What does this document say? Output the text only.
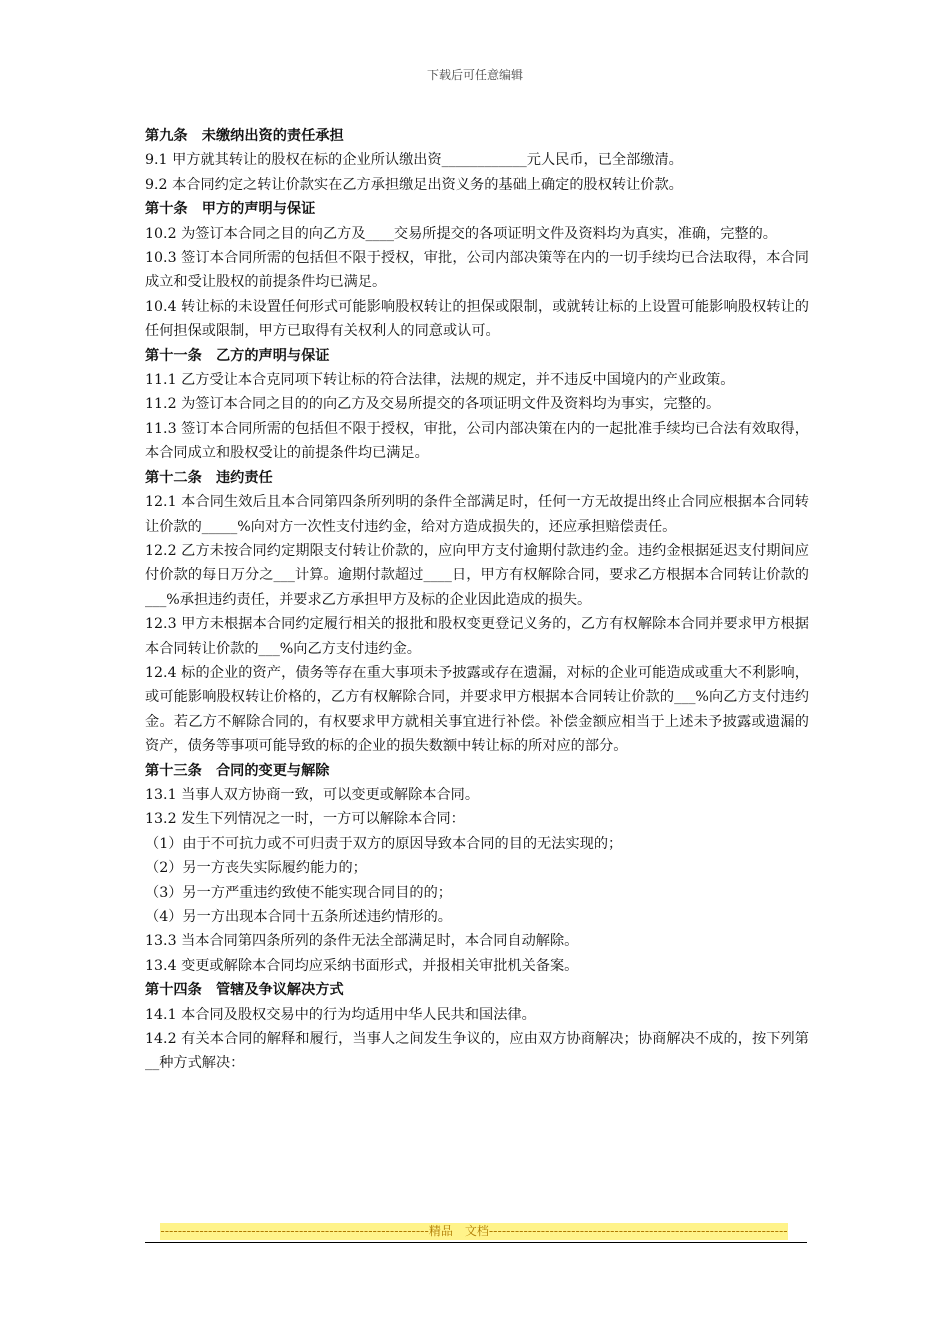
下载后可任意编辑
第九条　未缴纳出资的责任承担
9.1 甲方就其转让的股权在标的企业所认缴出资____________元人民币，已全部缴清。
9.2 本合同约定之转让价款实在乙方承担缴足出资义务的基础上确定的股权转让价款。
第十条　甲方的声明与保证
10.2 为签订本合同之目的向乙方及____交易所提交的各项证明文件及资料均为真实，准确，完整的。
10.3 签订本合同所需的包括但不限于授权，审批，公司内部决策等在内的一切手续均已合法取得，本合同成立和受让股权的前提条件均已满足。
10.4 转让标的未设置任何形式可能影响股权转让的担保或限制，或就转让标的上设置可能影响股权转让的任何担保或限制，甲方已取得有关权利人的同意或认可。
第十一条　乙方的声明与保证
11.1 乙方受让本合克同项下转让标的符合法律，法规的规定，并不违反中国境内的产业政策。
11.2 为签订本合同之目的的向乙方及交易所提交的各项证明文件及资料均为事实，完整的。
11.3 签订本合同所需的包括但不限于授权，审批，公司内部决策在内的一起批准手续均已合法有效取得，本合同成立和股权受让的前提条件均已满足。
第十二条　违约责任
12.1 本合同生效后且本合同第四条所列明的条件全部满足时，任何一方无故提出终止合同应根据本合同转让价款的_____%向对方一次性支付违约金，给对方造成损失的，还应承担赔偿责任。
12.2 乙方未按合同约定期限支付转让价款的，应向甲方支付逾期付款违约金。违约金根据延迟支付期间应付价款的每日万分之___计算。逾期付款超过____日，甲方有权解除合同，要求乙方根据本合同转让价款的___%承担违约责任，并要求乙方承担甲方及标的企业因此造成的损失。
12.3 甲方未根据本合同约定履行相关的报批和股权变更登记义务的，乙方有权解除本合同并要求甲方根据本合同转让价款的___%向乙方支付违约金。
12.4 标的企业的资产，债务等存在重大事项未予披露或存在遗漏，对标的企业可能造成或重大不利影响，或可能影响股权转让价格的，乙方有权解除合同，并要求甲方根据本合同转让价款的___%向乙方支付违约金。若乙方不解除合同的，有权要求甲方就相关事宜进行补偿。补偿金额应相当于上述未予披露或遗漏的资产，债务等事项可能导致的标的企业的损失数额中转让标的所对应的部分。
第十三条　合同的变更与解除
13.1 当事人双方协商一致，可以变更或解除本合同。
13.2 发生下列情况之一时，一方可以解除本合同：
（1）由于不可抗力或不可归责于双方的原因导致本合同的目的无法实现的；
（2）另一方丧失实际履约能力的；
（3）另一方严重违约致使不能实现合同目的的；
（4）另一方出现本合同十五条所述违约情形的。
13.3 当本合同第四条所列的条件无法全部满足时，本合同自动解除。
13.4 变更或解除本合同均应采纳书面形式，并报相关审批机关备案。
第十四条　管辖及争议解决方式
14.1 本合同及股权交易中的行为均适用中华人民共和国法律。
14.2 有关本合同的解释和履行，当事人之间发生争议的，应由双方协商解决；协商解决不成的，按下列第__种方式解决：
--------------------------------------------------------------精品　文档---------------------------------------------------------------------
